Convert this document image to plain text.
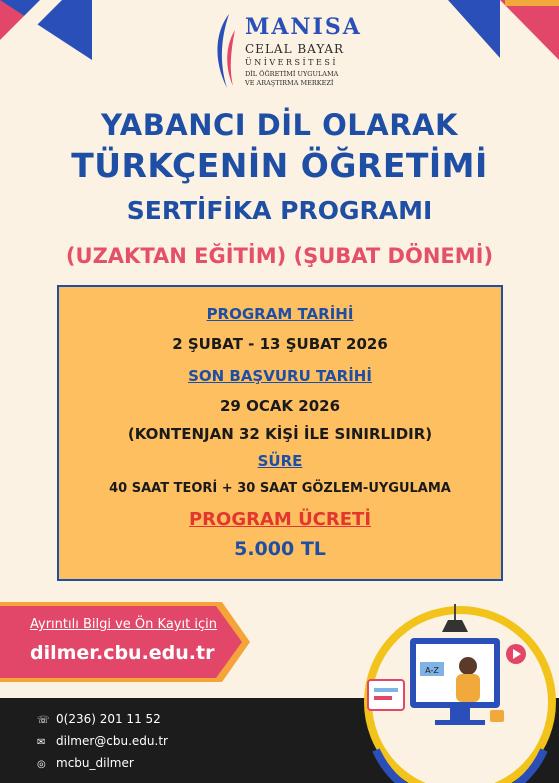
MANISA
CELAL BAYAR
ÜNİVERSİTESİ
DİL ÖĞRETİMİ UYGULAMA
VE ARAŞTIRMA MERKEZİ
YABANCI DİL OLARAK
TÜRKÇENİN ÖĞRETİMİ
SERTİFİKA PROGRAMI
(UZAKTAN EĞİTİM) (ŞUBAT DÖNEMİ)
PROGRAM TARİHİ
2 ŞUBAT - 13 ŞUBAT 2026
SON BAŞVURU TARİHİ
29 OCAK 2026
(KONTENJAN 32 KİŞİ İLE SINIRLIDIR)
SÜRE
40 SAAT TEORİ + 30 SAAT GÖZLEM-UYGULAMA
PROGRAM ÜCRETİ
5.000 TL
Ayrıntılı Bilgi ve Ön Kayıt için
dilmer.cbu.edu.tr
☏ 0(236) 201 11 52
✉ dilmer@cbu.edu.tr
◎ mcbu_dilmer
A-Z
